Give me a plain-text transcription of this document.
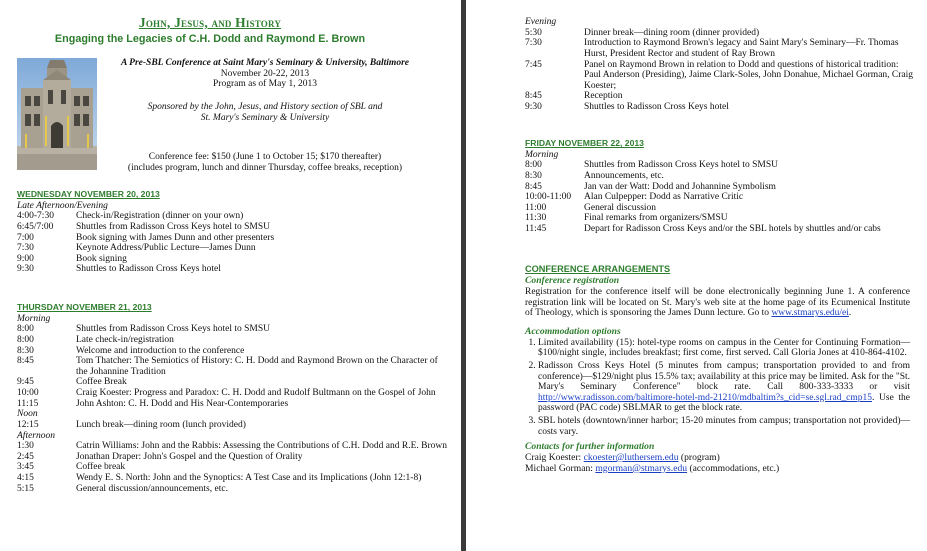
John, Jesus, and History
Engaging the Legacies of C.H. Dodd and Raymond E. Brown
A Pre-SBL Conference at Saint Mary's Seminary & University, Baltimore
November 20-22, 2013
Program as of May 1, 2013
Sponsored by the John, Jesus, and History section of SBL and
St. Mary's Seminary & University
Conference fee: $150 (June 1 to October 15; $170 thereafter)
(includes program, lunch and dinner Thursday, coffee breaks, reception)
WEDNESDAY NOVEMBER 20, 2013
Late Afternoon/Evening
4:00-7:30	Check-in/Registration (dinner on your own)
6:45/7:00	Shuttles from Radisson Cross Keys hotel to SMSU
7:00	Book signing with James Dunn and other presenters
7:30	Keynote Address/Public Lecture—James Dunn
9:00	Book signing
9:30	Shuttles to Radisson Cross Keys hotel
THURSDAY NOVEMBER 21, 2013
Morning
8:00	Shuttles from Radisson Cross Keys hotel to SMSU
8:00	Late check-in/registration
8:30	Welcome and introduction to the conference
8:45	Tom Thatcher: The Semiotics of History: C. H. Dodd and Raymond Brown on the Character of the Johannine Tradition
9:45	Coffee Break
10:00	Craig Koester: Progress and Paradox: C. H. Dodd and Rudolf Bultmann on the Gospel of John
11:15	John Ashton: C. H. Dodd and His Near-Contemporaries
Noon
12:15	Lunch break—dining room (lunch provided)
Afternoon
1:30	Catrin Williams: John and the Rabbis: Assessing the Contributions of C.H. Dodd and R.E. Brown
2:45	Jonathan Draper: John's Gospel and the Question of Orality
3:45	Coffee break
4:15	Wendy E. S. North: John and the Synoptics: A Test Case and its Implications (John 12:1-8)
5:15	General discussion/announcements, etc.
Evening
5:30	Dinner break—dining room (dinner provided)
7:30	Introduction to Raymond Brown's legacy and Saint Mary's Seminary—Fr. Thomas Hurst, President Rector and student of Ray Brown
7:45	Panel on Raymond Brown in relation to Dodd and questions of historical tradition: Paul Anderson (Presiding), Jaime Clark-Soles, John Donahue, Michael Gorman, Craig Koester;
8:45	Reception
9:30	Shuttles to Radisson Cross Keys hotel
FRIDAY NOVEMBER 22, 2013
Morning
8:00	Shuttles from Radisson Cross Keys hotel to SMSU
8:30	Announcements, etc.
8:45	Jan van der Watt: Dodd and Johannine Symbolism
10:00-11:00	Alan Culpepper: Dodd as Narrative Critic
11:00	General discussion
11:30	Final remarks from organizers/SMSU
11:45	Depart for Radisson Cross Keys and/or the SBL hotels by shuttles and/or cabs
CONFERENCE ARRANGEMENTS
Conference registration
Registration for the conference itself will be done electronically beginning June 1. A conference registration link will be located on St. Mary's web site at the home page of its Ecumenical Institute of Theology, which is sponsoring the James Dunn lecture. Go to www.stmarys.edu/ei.
Accommodation options
1. Limited availability (15): hotel-type rooms on campus in the Center for Continuing Formation—$100/night single, includes breakfast; first come, first served. Call Gloria Jones at 410-864-4102.
2. Radisson Cross Keys Hotel (5 minutes from campus; transportation provided to and from conference)—$129/night plus 15.5% tax; availability at this price may be limited. Ask for the "St. Mary's Seminary Conference" block rate. Call 800-333-3333 or visit http://www.radisson.com/baltimore-hotel-md-21210/mdbaltim?s_cid=se.sgl.rad_cmp15. Use the password (PAC code) SBLMAR to get the block rate.
3. SBL hotels (downtown/inner harbor; 15-20 minutes from campus; transportation not provided)—costs vary.
Contacts for further information
Craig Koester: ckoester@luthersem.edu (program)
Michael Gorman: mgorman@stmarys.edu (accommodations, etc.)
